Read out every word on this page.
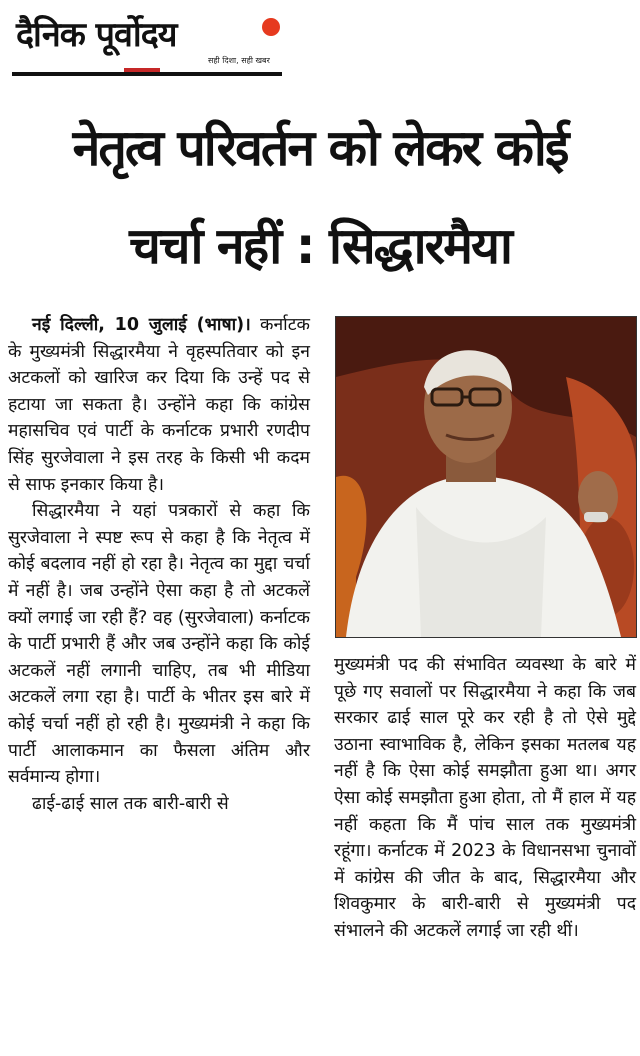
दैनिक पूर्वोदय
सही दिशा, सही खबर
नेतृत्व परिवर्तन को लेकर कोई
चर्चा नहीं : सिद्धारमैया

नई दिल्ली, 10 जुलाई (भाषा)। कर्नाटक के मुख्यमंत्री सिद्धारमैया ने वृहस्पतिवार को इन अटकलों को खारिज कर दिया कि उन्हें पद से हटाया जा सकता है। उन्होंने कहा कि कांग्रेस महासचिव एवं पार्टी के कर्नाटक प्रभारी रणदीप सिंह सुरजेवाला ने इस तरह के किसी भी कदम से साफ इनकार किया है।

सिद्धारमैया ने यहां पत्रकारों से कहा कि सुरजेवाला ने स्पष्ट रूप से कहा है कि नेतृत्व में कोई बदलाव नहीं हो रहा है। नेतृत्व का मुद्दा चर्चा में नहीं है। जब उन्होंने ऐसा कहा है तो अटकलें क्यों लगाई जा रही हैं? वह (सुरजेवाला) कर्नाटक के पार्टी प्रभारी हैं और जब उन्होंने कहा कि कोई अटकलें नहीं लगानी चाहिए, तब भी मीडिया अटकलें लगा रहा है। पार्टी के भीतर इस बारे में कोई चर्चा नहीं हो रही है। मुख्यमंत्री ने कहा कि पार्टी आलाकमान का फैसला अंतिम और सर्वमान्य होगा।

ढाई-ढाई साल तक बारी-बारी से

मुख्यमंत्री पद की संभावित व्यवस्था के बारे में पूछे गए सवालों पर सिद्धारमैया ने कहा कि जब सरकार ढाई साल पूरे कर रही है तो ऐसे मुद्दे उठाना स्वाभाविक है, लेकिन इसका मतलब यह नहीं है कि ऐसा कोई समझौता हुआ था। अगर ऐसा कोई समझौता हुआ होता, तो मैं हाल में यह नहीं कहता कि मैं पांच साल तक मुख्यमंत्री रहूंगा। कर्नाटक में 2023 के विधानसभा चुनावों में कांग्रेस की जीत के बाद, सिद्धारमैया और शिवकुमार के बारी-बारी से मुख्यमंत्री पद संभालने की अटकलें लगाई जा रही थीं।
